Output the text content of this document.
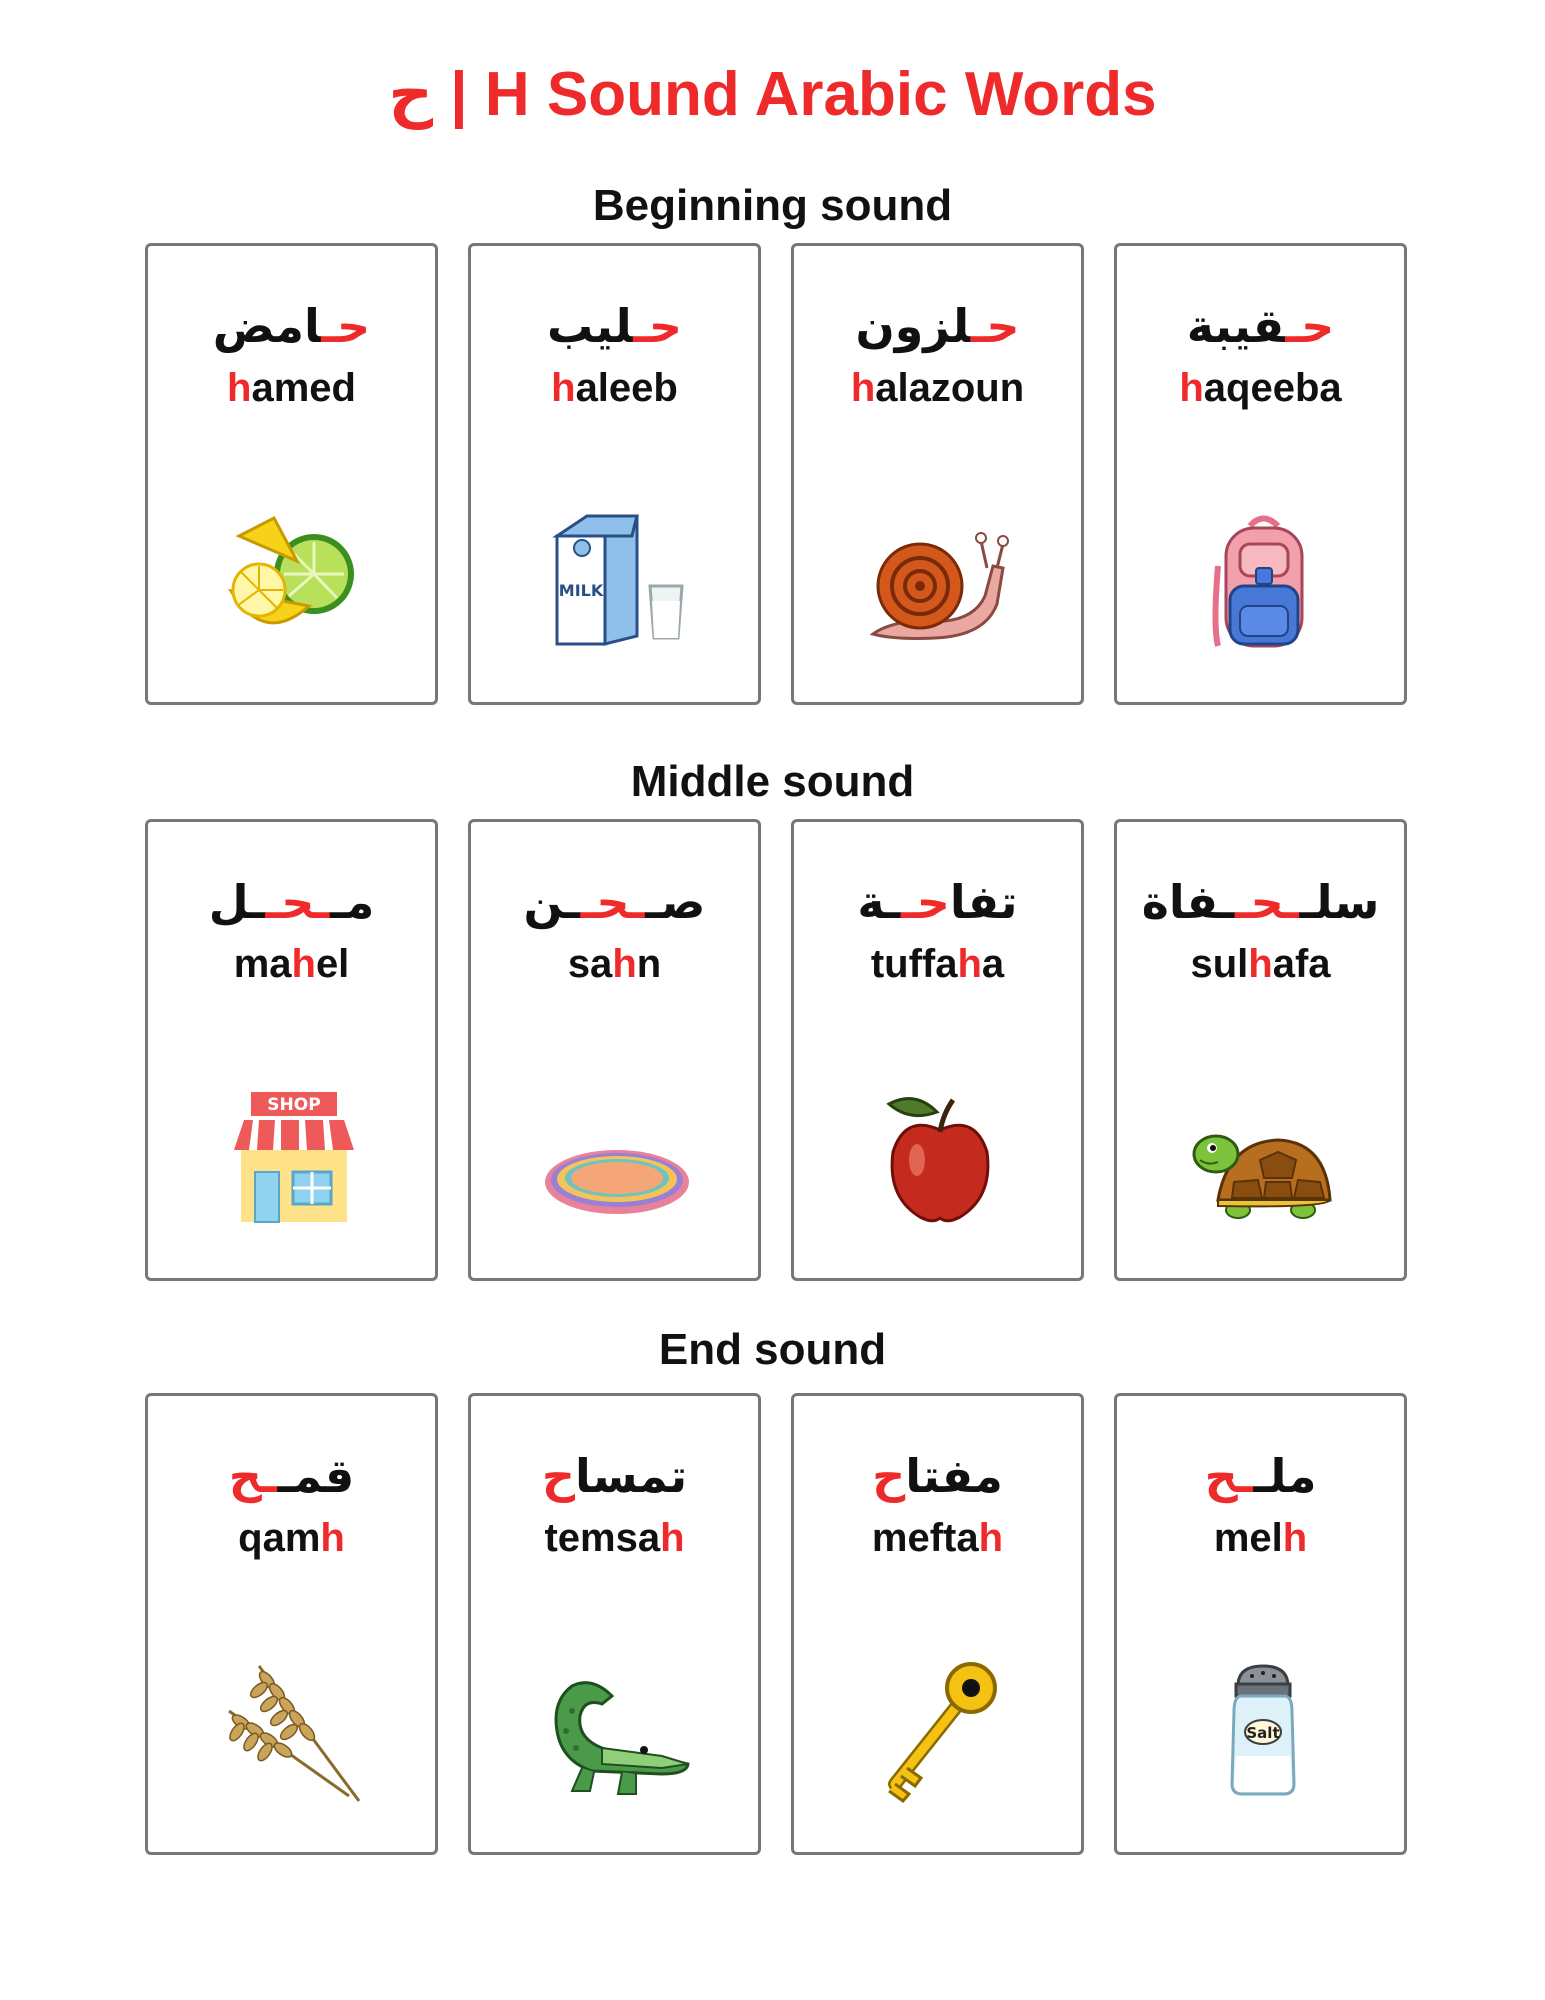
ح | H Sound Arabic Words
Beginning sound
حـامض
hamed
حـليب
haleeb
MILK
حـلزون
halazoun
حـقيبة
haqeeba
Middle sound
مــحــل
mahel
SHOP
صــحــن
sahn
تفاحــة
tuffaha
سلــحــفاة
sulhafa
End sound
قمــح
qamh
تمساح
temsah
مفتاح
meftah
ملــح
melh
Salt
